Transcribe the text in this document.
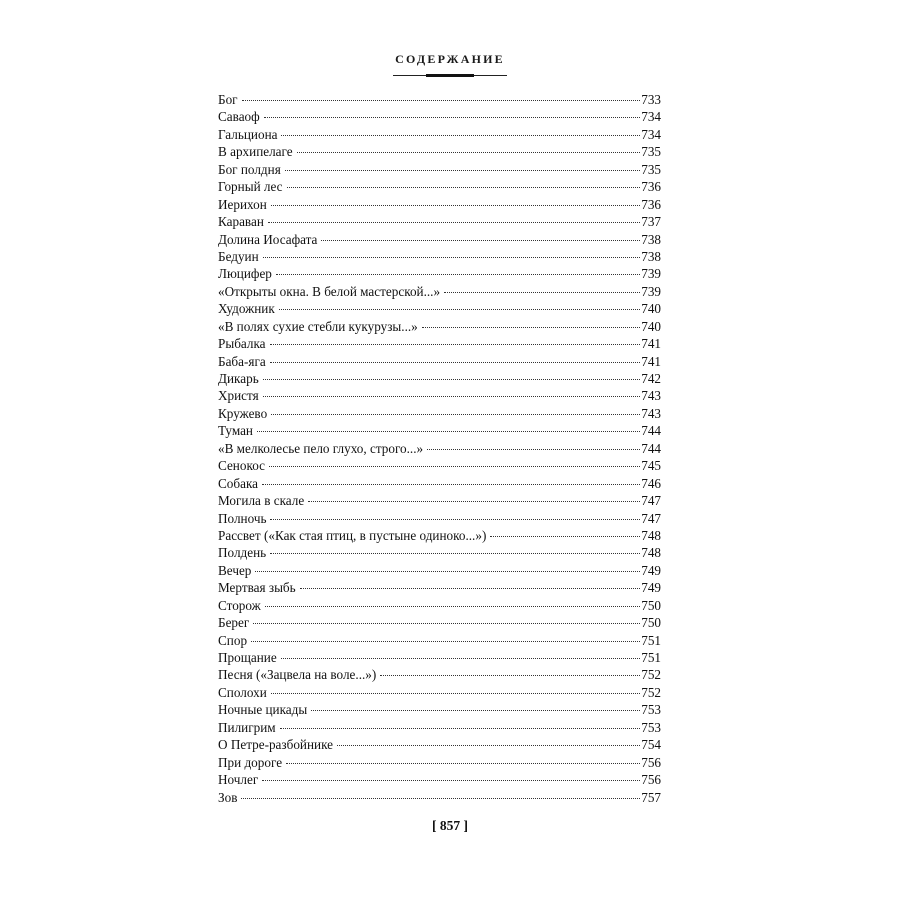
СОДЕРЖАНИЕ
Бог	733
Саваоф	734
Гальциона	734
В архипелаге	735
Бог полдня	735
Горный лес	736
Иерихон	736
Караван	737
Долина Иосафата	738
Бедуин	738
Люцифер	739
«Открыты окна. В белой мастерской...»	739
Художник	740
«В полях сухие стебли кукурузы...»	740
Рыбалка	741
Баба-яга	741
Дикарь	742
Христя	743
Кружево	743
Туман	744
«В мелколесье пело глухо, строго...»	744
Сенокос	745
Собака	746
Могила в скале	747
Полночь	747
Рассвет («Как стая птиц, в пустыне одиноко...»)	748
Полдень	748
Вечер	749
Мертвая зыбь	749
Сторож	750
Берег	750
Спор	751
Прощание	751
Песня («Зацвела на воле...»)	752
Сполохи	752
Ночные цикады	753
Пилигрим	753
О Петре-разбойнике	754
При дороге	756
Ночлег	756
Зов	757
[ 857 ]
